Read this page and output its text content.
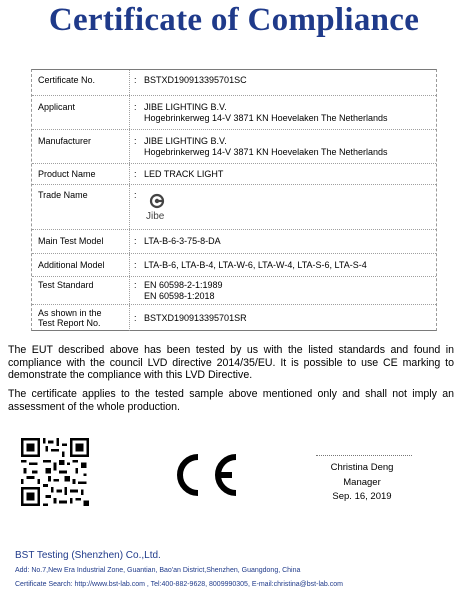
Certificate of Compliance
Certificate No.	: BSTXD190913395701SC
Applicant	: JIBE LIGHTING B.V.
Hogebrinkerweg 14-V 3871 KN Hoevelaken The Netherlands
Manufacturer	: JIBE LIGHTING B.V.
Hogebrinkerweg 14-V 3871 KN Hoevelaken The Netherlands
Product Name	: LED TRACK LIGHT
Trade Name	:
Jibe
Main Test Model	: LTA-B-6-3-75-8-DA
Additional Model	: LTA-B-6, LTA-B-4, LTA-W-6, LTA-W-4, LTA-S-6, LTA-S-4
Test Standard	: EN 60598-2-1:1989
EN 60598-1:2018
As shown in the
Test Report No.	: BSTXD190913395701SR
The EUT described above has been tested by us with the listed standards and found in compliance with the council LVD directive 2014/35/EU. It is possible to use CE marking to demonstrate the compliance with this LVD Directive.
The certificate applies to the tested sample above mentioned only and shall not imply an assessment of the whole production.
Christina Deng
Manager
Sep. 16, 2019
BST Testing (Shenzhen) Co.,Ltd.
Add: No.7,New Era Industrial Zone, Guantian, Bao'an District,Shenzhen, Guangdong, China
Certificate Search: http://www.bst-lab.com , Tel:400-882-9628, 8009990305, E-mail:christina@bst-lab.com
